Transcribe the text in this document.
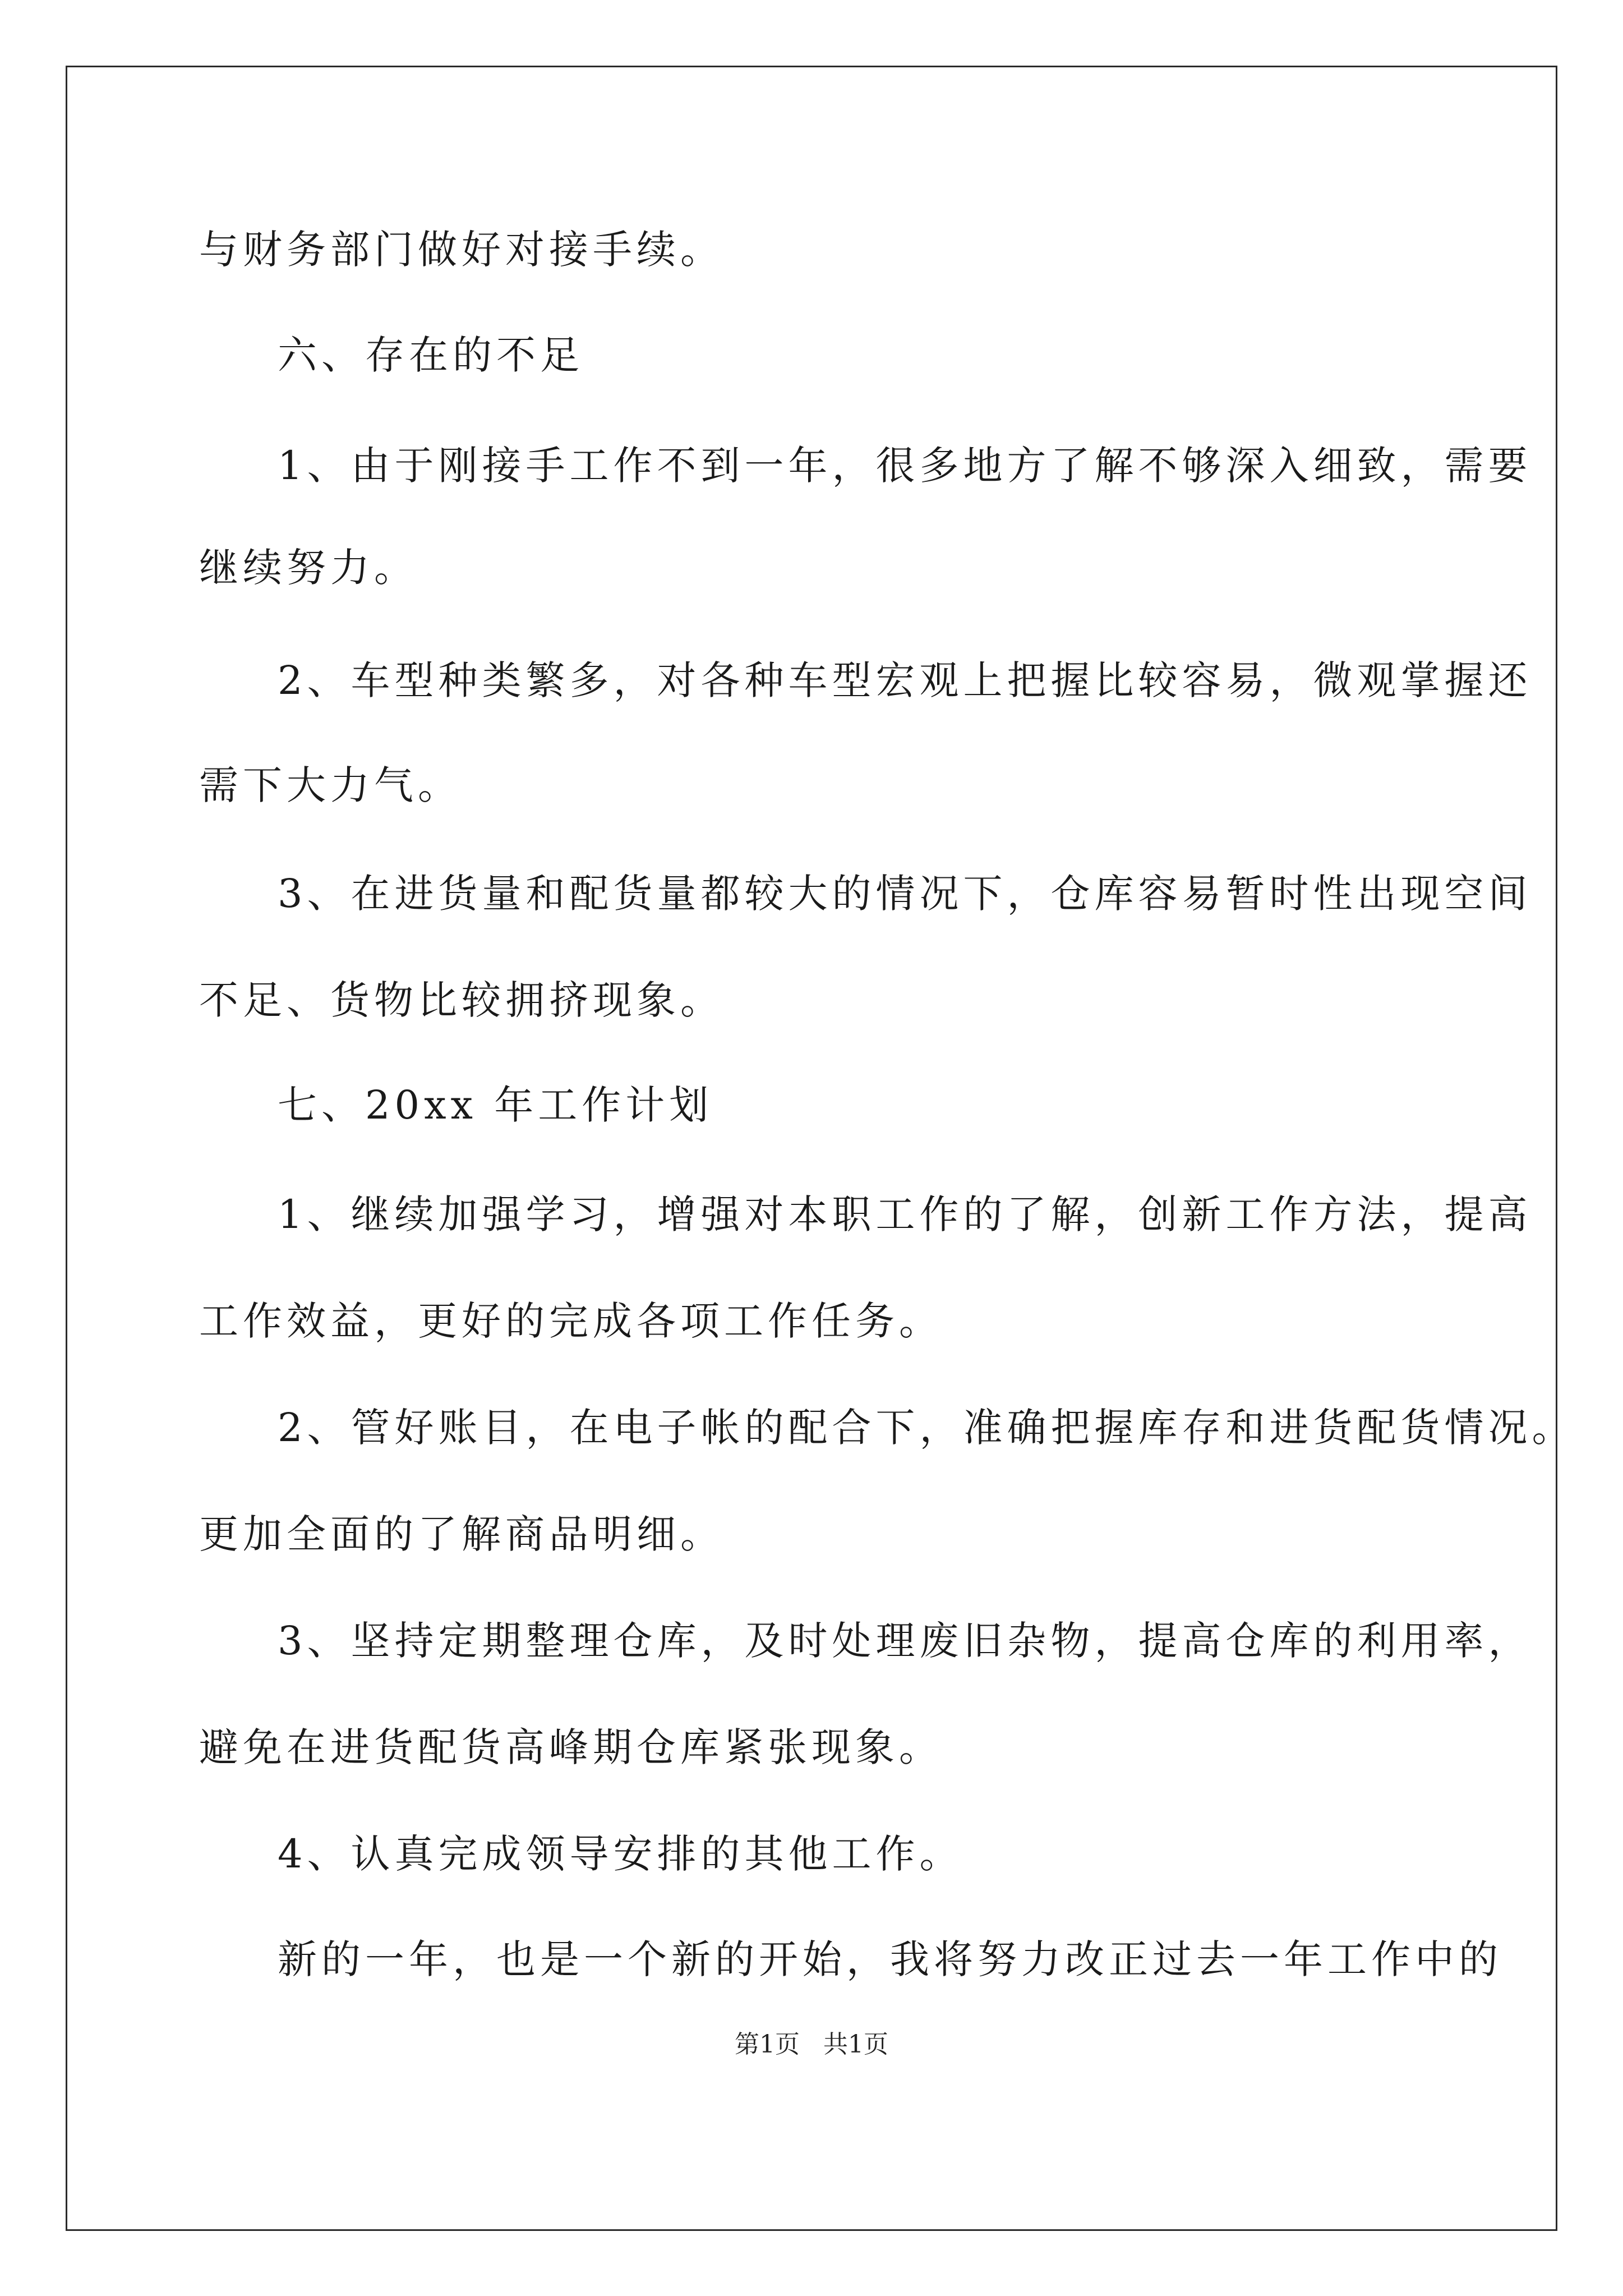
与财务部门做好对接手续。
六、存在的不足
1、由于刚接手工作不到一年，很多地方了解不够深入细致，需要
继续努力。
2、车型种类繁多，对各种车型宏观上把握比较容易，微观掌握还
需下大力气。
3、在进货量和配货量都较大的情况下，仓库容易暂时性出现空间
不足、货物比较拥挤现象。
七、20xx 年工作计划
1、继续加强学习，增强对本职工作的了解，创新工作方法，提高
工作效益，更好的完成各项工作任务。
2、管好账目，在电子帐的配合下，准确把握库存和进货配货情况。
更加全面的了解商品明细。
3、坚持定期整理仓库，及时处理废旧杂物，提高仓库的利用率，
避免在进货配货高峰期仓库紧张现象。
4、认真完成领导安排的其他工作。
新的一年，也是一个新的开始，我将努力改正过去一年工作中的
第1页 共1页
